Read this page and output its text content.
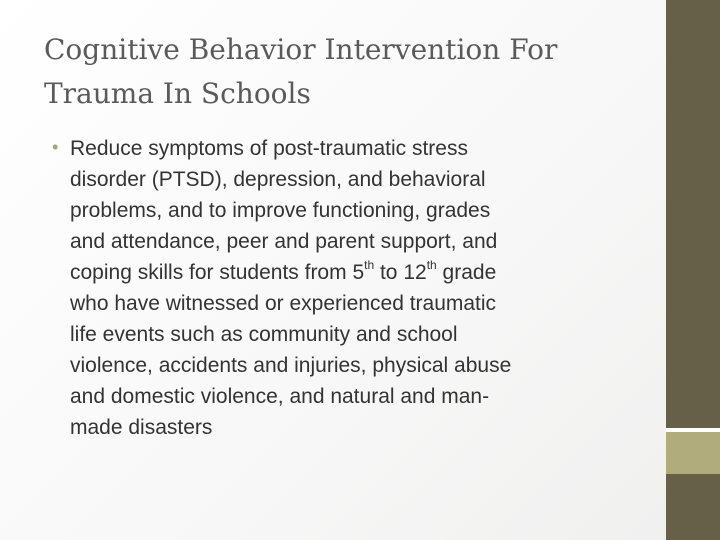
Cognitive Behavior Intervention For
Trauma In Schools
• Reduce symptoms of post-traumatic stress
disorder (PTSD), depression, and behavioral
problems, and to improve functioning, grades
and attendance, peer and parent support, and
coping skills for students from 5th to 12th grade
who have witnessed or experienced traumatic
life events such as community and school
violence, accidents and injuries, physical abuse
and domestic violence, and natural and man-
made disasters
